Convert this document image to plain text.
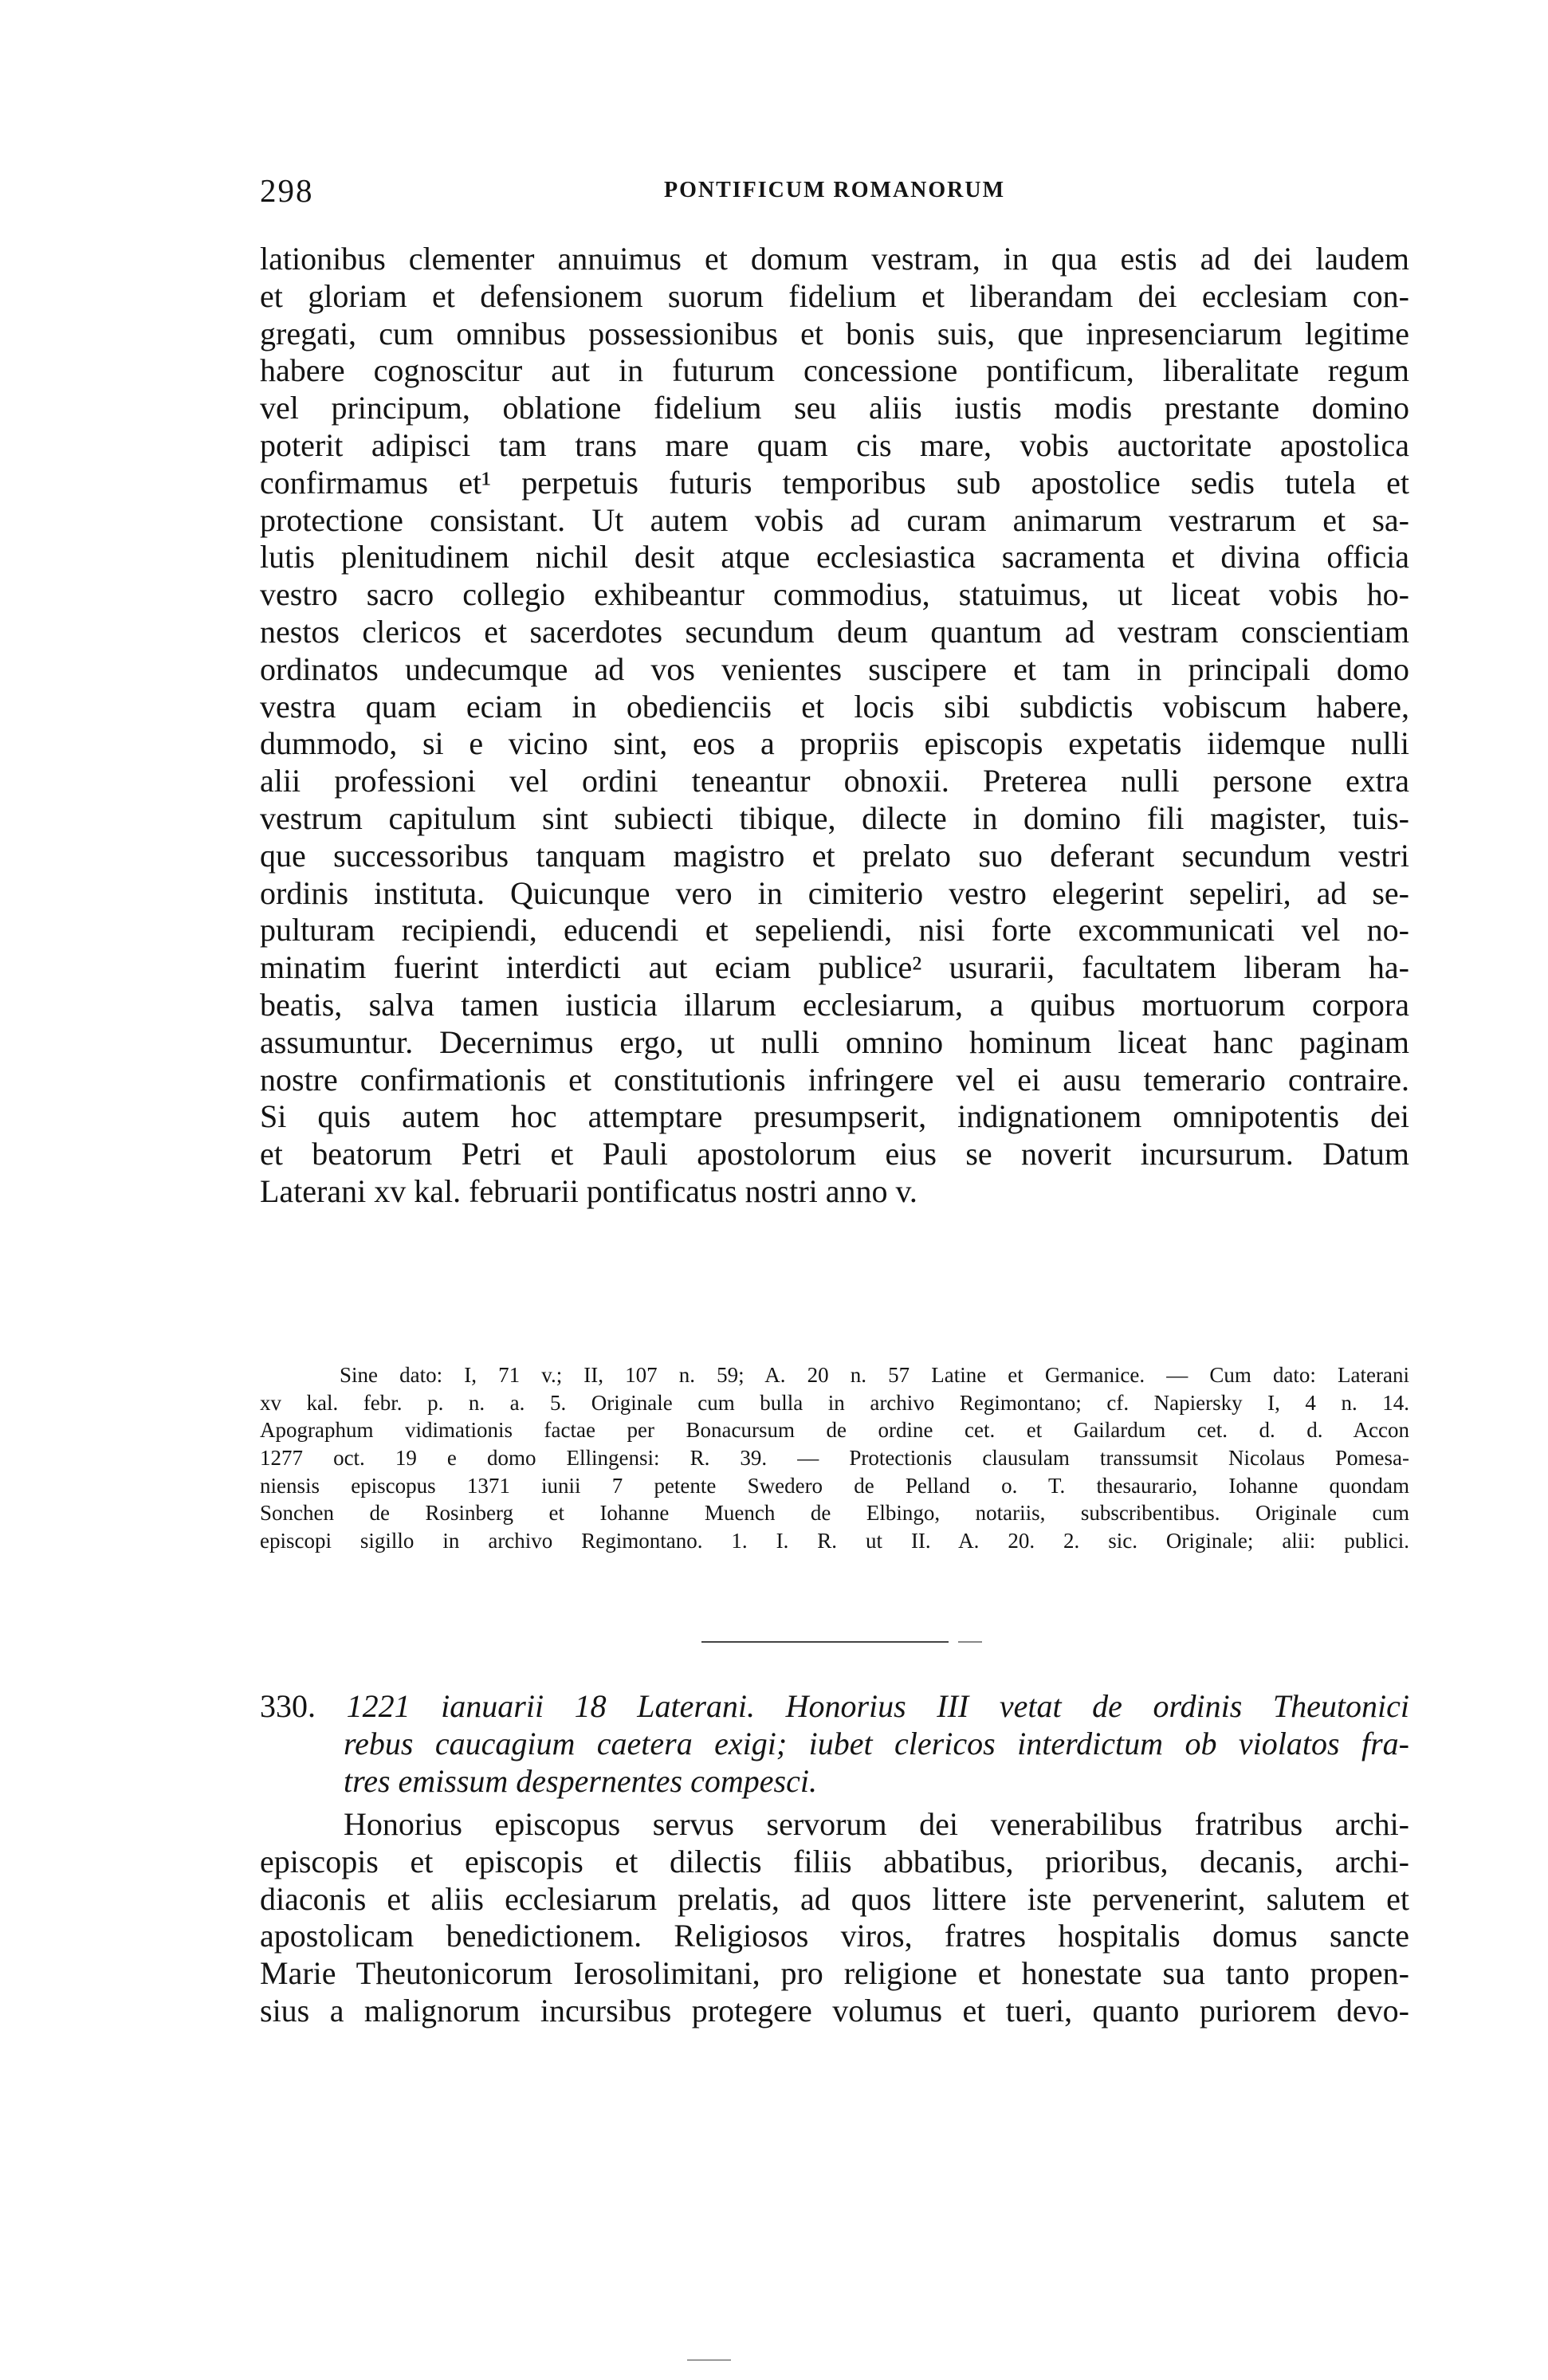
298	PONTIFICUM ROMANORUM
lationibus clementer annuimus et domum vestram, in qua estis ad dei laudem
et gloriam et defensionem suorum fidelium et liberandam dei ecclesiam con-
gregati, cum omnibus possessionibus et bonis suis, que inpresenciarum legitime
habere cognoscitur aut in futurum concessione pontificum, liberalitate regum
vel principum, oblatione fidelium seu aliis iustis modis prestante domino
poterit adipisci tam trans mare quam cis mare, vobis auctoritate apostolica
confirmamus et¹ perpetuis futuris temporibus sub apostolice sedis tutela et
protectione consistant. Ut autem vobis ad curam animarum vestrarum et sa-
lutis plenitudinem nichil desit atque ecclesiastica sacramenta et divina officia
vestro sacro collegio exhibeantur commodius, statuimus, ut liceat vobis ho-
nestos clericos et sacerdotes secundum deum quantum ad vestram conscientiam
ordinatos undecumque ad vos venientes suscipere et tam in principali domo
vestra quam eciam in obedienciis et locis sibi subdictis vobiscum habere,
dummodo, si e vicino sint, eos a propriis episcopis expetatis iidemque nulli
alii professioni vel ordini teneantur obnoxii. Preterea nulli persone extra
vestrum capitulum sint subiecti tibique, dilecte in domino fili magister, tuis-
que successoribus tanquam magistro et prelato suo deferant secundum vestri
ordinis instituta. Quicunque vero in cimiterio vestro elegerint sepeliri, ad se-
pulturam recipiendi, educendi et sepeliendi, nisi forte excommunicati vel no-
minatim fuerint interdicti aut eciam publice² usurarii, facultatem liberam ha-
beatis, salva tamen iusticia illarum ecclesiarum, a quibus mortuorum corpora
assumuntur. Decernimus ergo, ut nulli omnino hominum liceat hanc paginam
nostre confirmationis et constitutionis infringere vel ei ausu temerario contraire.
Si quis autem hoc attemptare presumpserit, indignationem omnipotentis dei
et beatorum Petri et Pauli apostolorum eius se noverit incursurum. Datum
Laterani xv kal. februarii pontificatus nostri anno v.
Sine dato: I, 71 v.; II, 107 n. 59; A. 20 n. 57 Latine et Germanice. — Cum dato: Laterani
xv kal. febr. p. n. a. 5. Originale cum bulla in archivo Regimontano; cf. Napiersky I, 4 n. 14.
Apographum vidimationis factae per Bonacursum de ordine cet. et Gailardum cet. d. d. Accon
1277 oct. 19 e domo Ellingensi: R. 39. — Protectionis clausulam transsumsit Nicolaus Pomesa-
niensis episcopus 1371 iunii 7 petente Swedero de Pelland o. T. thesaurario, Iohanne quondam
Sonchen de Rosinberg et Iohanne Muench de Elbingo, notariis, subscribentibus. Originale cum
episcopi sigillo in archivo Regimontano. 1. I. R. ut II. A. 20. 2. sic. Originale; alii: publici.
330. 1221 ianuarii 18 Laterani. Honorius III vetat de ordinis Theutonici
rebus caucagium caetera exigi; iubet clericos interdictum ob violatos fra-
tres emissum despernentes compesci.
Honorius episcopus servus servorum dei venerabilibus fratribus archi-
episcopis et episcopis et dilectis filiis abbatibus, prioribus, decanis, archi-
diaconis et aliis ecclesiarum prelatis, ad quos littere iste pervenerint, salutem et
apostolicam benedictionem. Religiosos viros, fratres hospitalis domus sancte
Marie Theutonicorum Ierosolimitani, pro religione et honestate sua tanto propen-
sius a malignorum incursibus protegere volumus et tueri, quanto puriorem devo-
